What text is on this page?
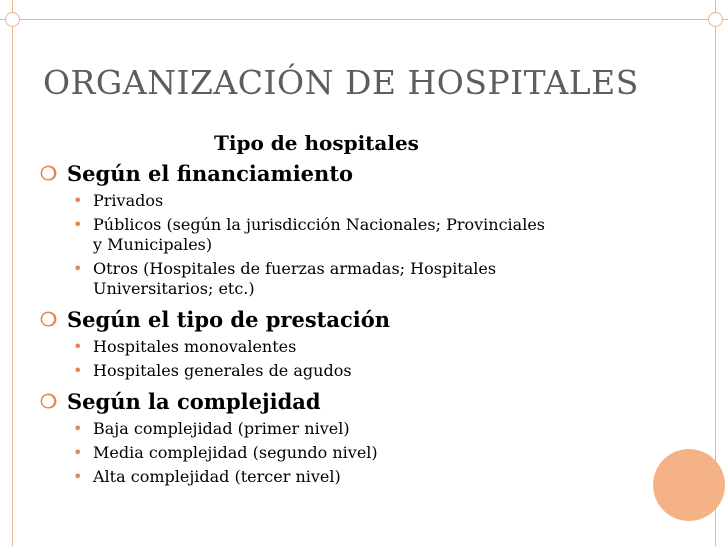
ORGANIZACIÓN DE HOSPITALES
Tipo de hospitales
❍ Según el financiamiento
• Privados
• Públicos (según la jurisdicción Nacionales; Provinciales
y Municipales)
• Otros (Hospitales de fuerzas armadas; Hospitales
Universitarios; etc.)
❍ Según el tipo de prestación
• Hospitales monovalentes
• Hospitales generales de agudos
❍ Según la complejidad
• Baja complejidad (primer nivel)
• Media complejidad (segundo nivel)
• Alta complejidad (tercer nivel)
